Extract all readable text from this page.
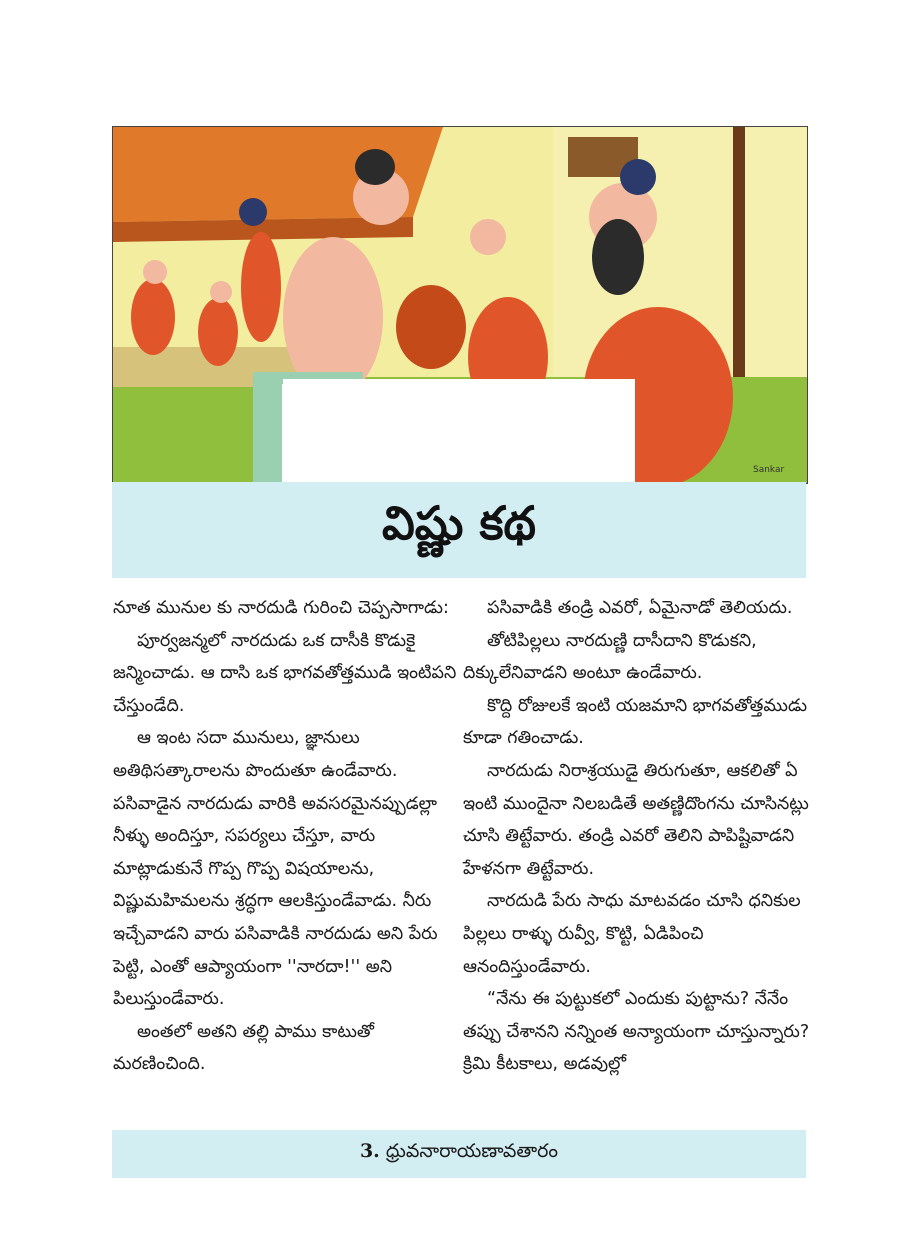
Sankar
విష్ణు కథ

నూత మునుల కు నారదుడి గురించి చెప్పసాగాడు:

పూర్వజన్మలో నారదుడు ఒక దాసీకి కొడుకై జన్మించాడు. ఆ దాసి ఒక భాగవతోత్తముడి ఇంటిపని చేస్తుండేది.

ఆ ఇంట సదా మునులు, జ్ఞానులు అతిథిసత్కారాలను పొందుతూ ఉండేవారు. పసివాడైన నారదుడు వారికి అవసరమైనప్పుడల్లా నీళ్ళు అందిస్తూ, సపర్యలు చేస్తూ, వారు మాట్లాడుకునే గొప్ప గొప్ప విషయాలను, విష్ణుమహిమలను శ్రద్ధగా ఆలకిస్తుండేవాడు. నీరు ఇచ్చేవాడని వారు పసివాడికి నారదుడు అని పేరు పెట్టి, ఎంతో ఆప్యాయంగా ''నారదా!'' అని పిలుస్తుండేవారు.

అంతలో అతని తల్లి పాము కాటుతో మరణించింది.

పసివాడికి తండ్రి ఎవరో, ఏమైనాడో తెలియదు.

తోటిపిల్లలు నారదుణ్ణి దాసీదాని కొడుకని, దిక్కులేనివాడని అంటూ ఉండేవారు.

కొద్ది రోజులకే ఇంటి యజమాని భాగవతోత్తముడు కూడా గతించాడు.

నారదుడు నిరాశ్రయుడై తిరుగుతూ, ఆకలితో ఏ ఇంటి ముందైనా నిలబడితే అతణ్ణిదొంగను చూసినట్లు చూసి తిట్టేవారు. తండ్రి ఎవరో తెలిని పాపిష్టివాడని హేళనగా తిట్టేవారు.

నారదుడి పేరు సాధు మాటవడం చూసి ధనికుల పిల్లలు రాళ్ళు రువ్వీ, కొట్టి, ఏడిపించి ఆనందిస్తుండేవారు.

“నేను ఈ పుట్టుకలో ఎందుకు పుట్టాను? నేనేం తప్పు చేశానని నన్నింత అన్యాయంగా చూస్తున్నారు? క్రిమి కీటకాలు, అడవుల్లో

3. ధ్రువనారాయణావతారం
